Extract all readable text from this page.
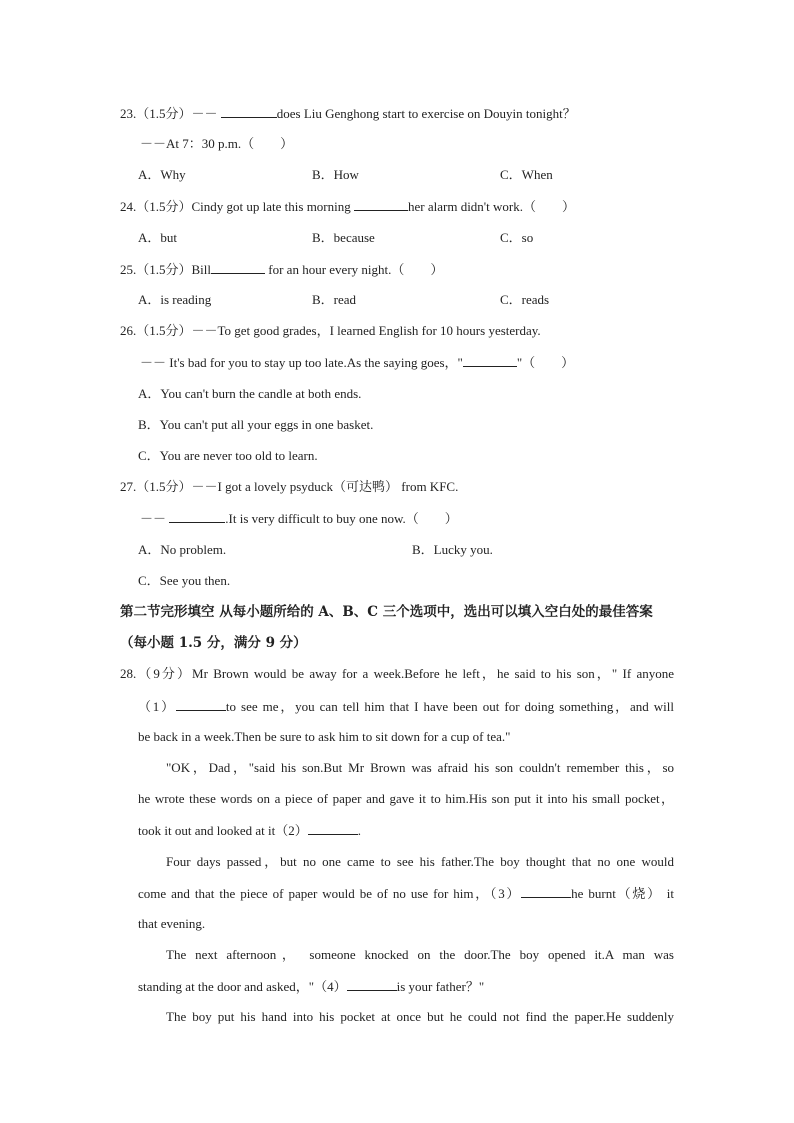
23.（1.5分）－－	does Liu Genghong start to exercise on Douyin tonight？
－－At 7：30 p.m.（　　）
A．Why	B．How	C．When
24.（1.5分）Cindy got up late this morning	her alarm didn't work.（　　）
A．but	B．because	C．so
25.（1.5分）Bill	for an hour every night.（　　）
A．is reading	B．read	C．reads
26.（1.5分）－－To get good grades，I learned English for 10 hours yesterday.
－－ It's bad for you to stay up too late.As the saying goes，"	"（　　）
A．You can't burn the candle at both ends.
B．You can't put all your eggs in one basket.
C．You are never too old to learn.
27.（1.5分）－－I got a lovely psyduck（可达鸭） from KFC.
－－	.It is very difficult to buy one now.（　　）
A．No problem.	B．Lucky you.
C．See you then.
第二节完形填空 从每小题所给的 A、B、C 三个选项中，选出可以填入空白处的最佳答案
（每小题 1.5 分，满分 9 分）
28.（9分）Mr Brown would be away for a week.Before he left，he said to his son，" If anyone
（1）	to see me，you can tell him that I have been out for doing something，and will
be back in a week.Then be sure to ask him to sit down for a cup of tea."
"OK，Dad，"said his son.But Mr Brown was afraid his son couldn't remember this，so
he wrote these words on a piece of paper and gave it to him.His son put it into his small pocket，
took it out and looked at it（2）	.
Four days passed，but no one came to see his father.The boy thought that no one would
come and that the piece of paper would be of no use for him，（3）	he burnt（烧） it
that evening.
The next afternoon， someone knocked on the door.The boy opened it.A man was
standing at the door and asked，"（4）	is your father？"
The boy put his hand into his pocket at once but he could not find the paper.He suddenly
